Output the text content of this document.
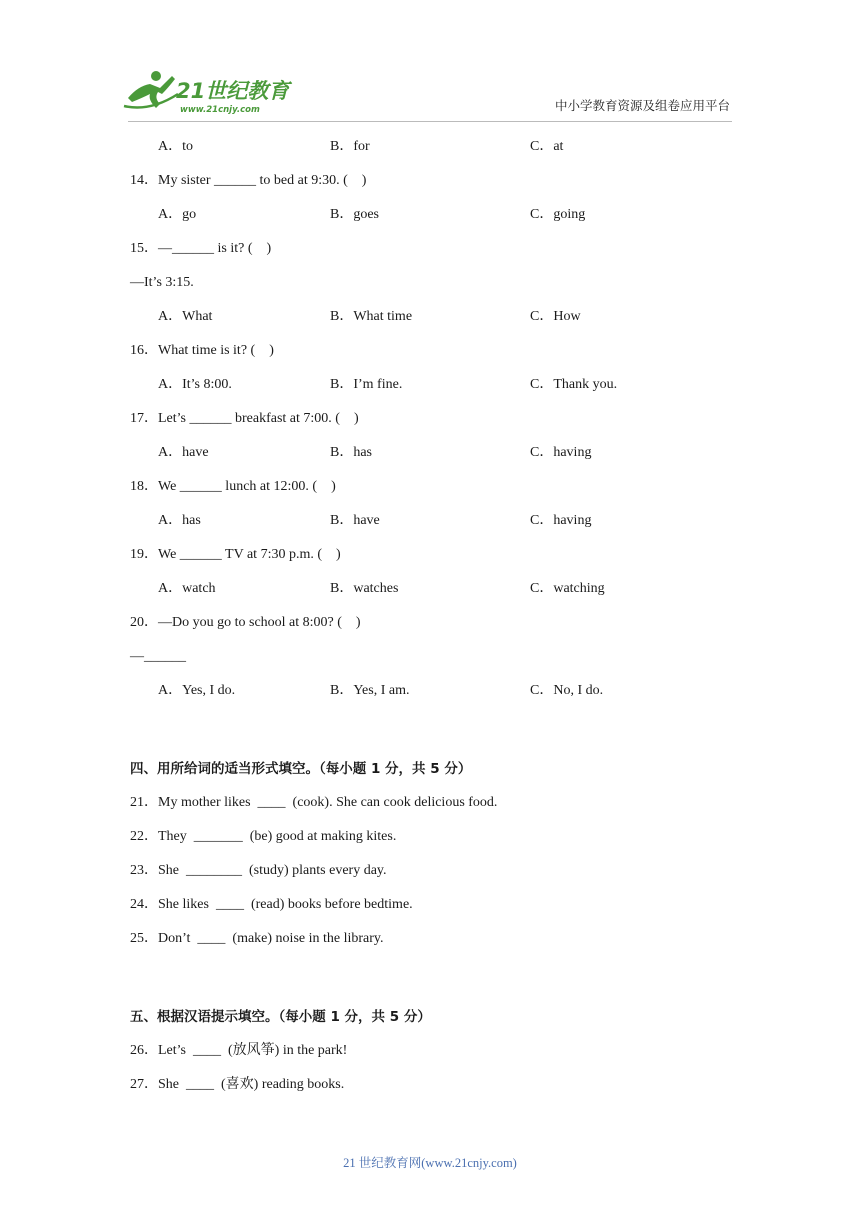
21世纪教育
www.21cnjy.com	中小学教育资源及组卷应用平台
A．to	B．for	C．at
14．My sister ______ to bed at 9:30. (    )
A．go	B．goes	C．going
15．—______ is it? (    )
—It’s 3:15.
A．What	B．What time	C．How
16．What time is it? (    )
A．It’s 8:00.	B．I’m fine.	C．Thank you.
17．Let’s ______ breakfast at 7:00. (    )
A．have	B．has	C．having
18．We ______ lunch at 12:00. (    )
A．has	B．have	C．having
19．We ______ TV at 7:30 p.m. (    )
A．watch	B．watches	C．watching
20．—Do you go to school at 8:00? (    )
—______
A．Yes, I do.	B．Yes, I am.	C．No, I do.
四、用所给词的适当形式填空。（每小题 1 分，共 5 分）
21．My mother likes  ____  (cook). She can cook delicious food.
22．They  _______  (be) good at making kites.
23．She  ________  (study) plants every day.
24．She likes  ____  (read) books before bedtime.
25．Don’t  ____  (make) noise in the library.
五、根据汉语提示填空。（每小题 1 分，共 5 分）
26．Let’s  ____  (放风筝) in the park!
27．She  ____  (喜欢) reading books.
21 世纪教育网(www.21cnjy.com)
